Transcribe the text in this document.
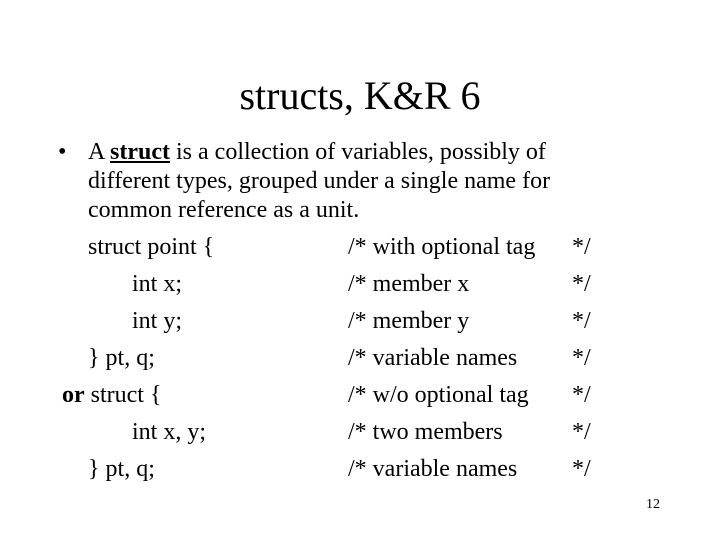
structs, K&R 6
• A struct is a collection of variables, possibly of
different types, grouped under a single name for
common reference as a unit.
struct point {	/* with optional tag */
int x;	/* member x	*/
int y;	/* member y	*/
} pt, q;	/* variable names */
or struct {	/* w/o optional tag */
int x, y;	/* two members	*/
} pt, q;	/* variable names */
12
